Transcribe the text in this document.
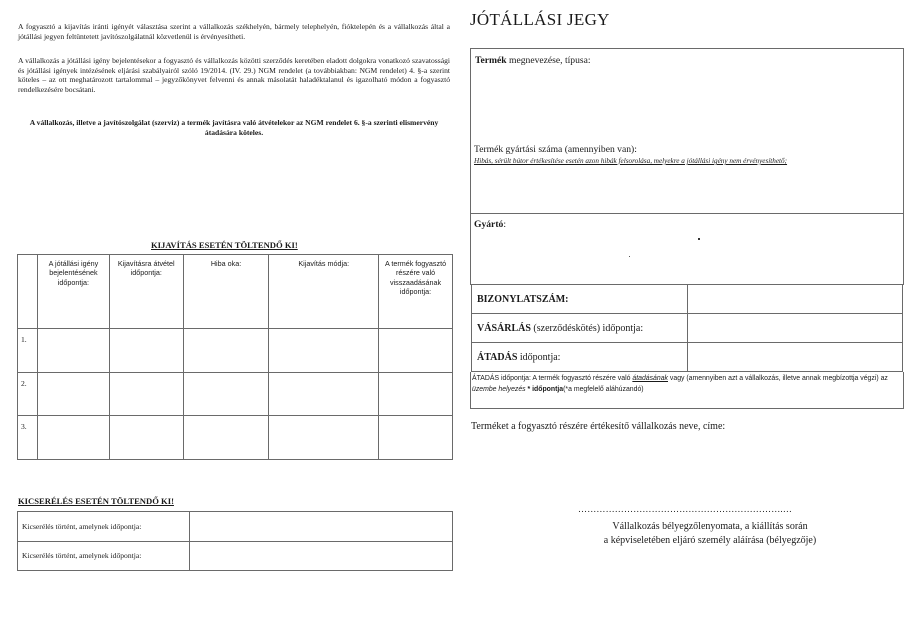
A fogyasztó a kijavítás iránti igényét választása szerint a vállalkozás székhelyén, bármely telephelyén, fióktelepén és a vállalkozás által a jótállási jegyen feltüntetett javítószolgálatnál közvetlenül is érvényesítheti.
A vállalkozás a jótállási igény bejelentésekor a fogyasztó és vállalkozás közötti szerződés keretében eladott dolgokra vonatkozó szavatossági és jótállási igények intézésének eljárási szabályairól szóló 19/2014. (IV. 29.) NGM rendelet (a továbbiakban: NGM rendelet) 4. §-a szerint köteles – az ott meghatározott tartalommal – jegyzőkönyvet felvenni és annak másolatát haladéktalanul és igazolható módon a fogyasztó rendelkezésére bocsátani.
A vállalkozás, illetve a javítószolgálat (szerviz) a termék javításra való átvételekor az NGM rendelet 6. §-a szerinti elismervény átadására köteles.
KIJAVÍTÁS ESETÉN TÖLTENDŐ KI!
	A jótállási igény bejelentésének időpontja:	Kijavításra átvétel időpontja:	Hiba oka:	Kijavítás módja:	A termék fogyasztó részére való visszaadásának időpontja:
1.					
2.					
3.					
KICSERÉLÉS ESETÉN TÖLTENDŐ KI!
Kicserélés történt, amelynek időpontja:	
Kicserélés történt, amelynek időpontja:	
JÓTÁLLÁSI JEGY
Termék megnevezése, típusa:
Termék gyártási száma (amennyiben van):
Hibás, sérült bútor értékesítése esetén azon hibák felsorolása, melyekre a jótállási igény nem érvényesíthető;
Gyártó:
BIZONYLATSZÁM:	
VÁSÁRLÁS (szerződéskötés) időpontja:	
ÁTADÁS időpontja:	
ÁTADÁS időpontja: A termék fogyasztó részére való átadásának vagy (amennyiben azt a vállalkozás, illetve annak megbízottja végzi) az üzembe helyezés * időpontja(*a megfelelő aláhúzandó)
Terméket a fogyasztó részére értékesítő vállalkozás neve, címe:
………………………………………………………….…
Vállalkozás bélyegzőlenyomata, a kiállítás során
a képviseletében eljáró személy aláírása (bélyegzője)
